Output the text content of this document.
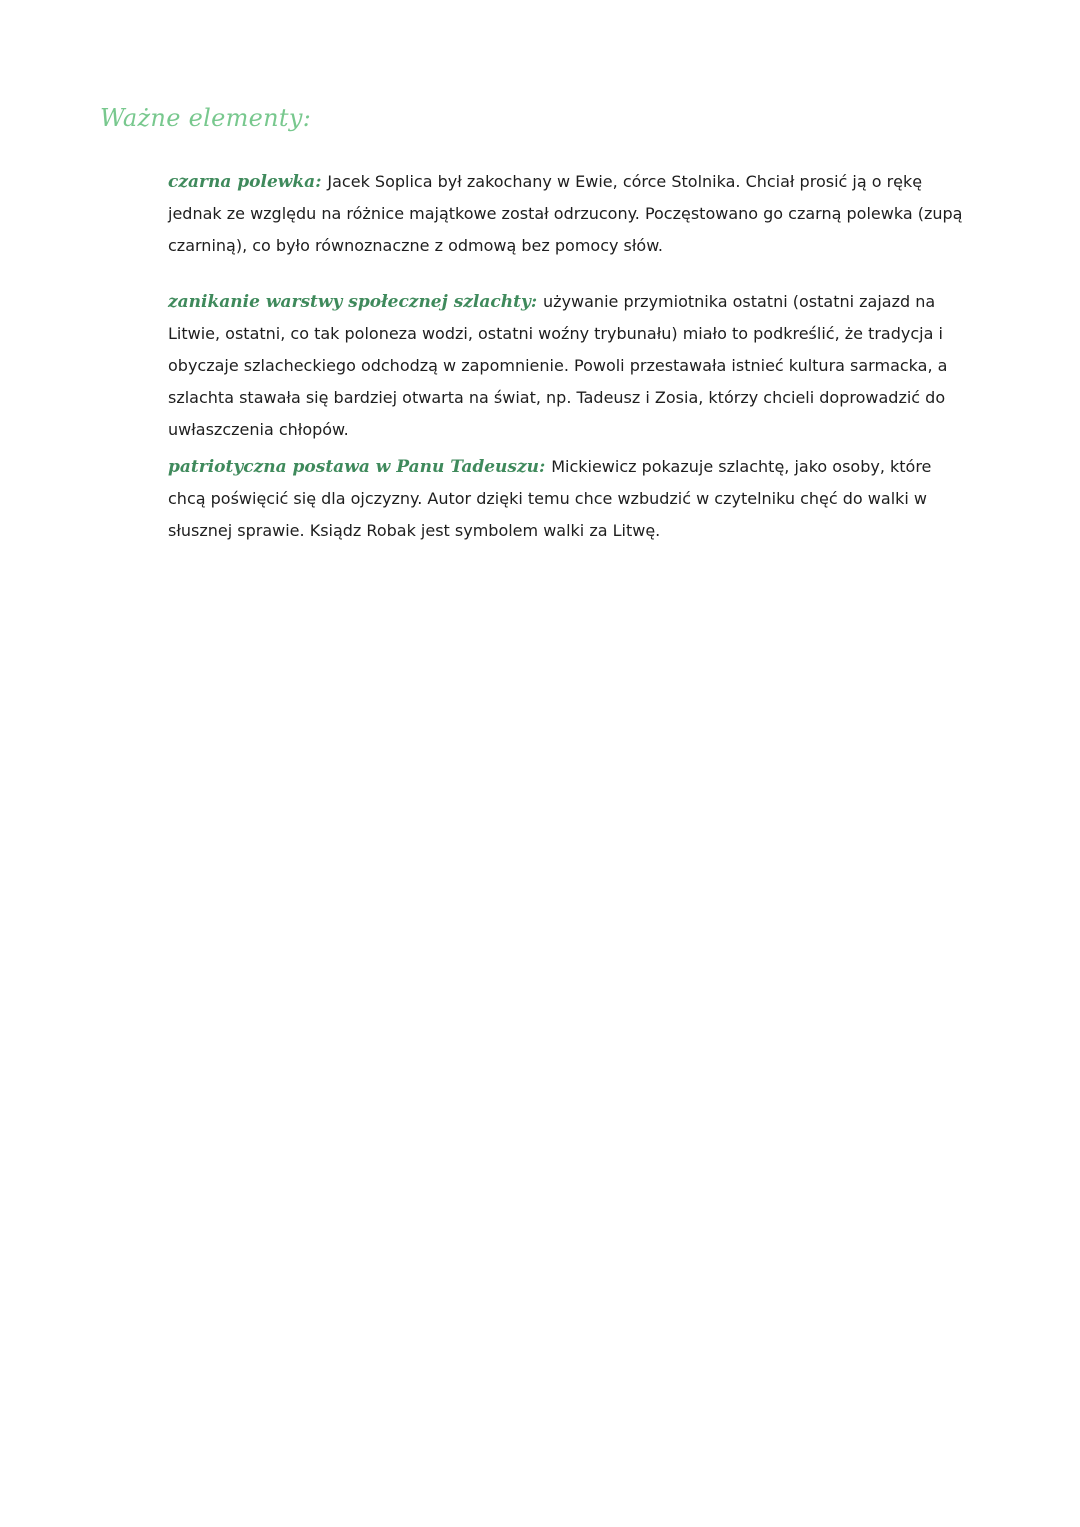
Ważne elementy:
czarna polewka: Jacek Soplica był zakochany w Ewie, córce Stolnika. Chciał prosić ją o rękę jednak ze względu na różnice majątkowe został odrzucony. Poczęstowano go czarną polewka (zupą czarniną), co było równoznaczne z odmową bez pomocy słów.
zanikanie warstwy społecznej szlachty: używanie przymiotnika ostatni (ostatni zajazd na Litwie, ostatni, co tak poloneza wodzi, ostatni woźny trybunału) miało to podkreślić, że tradycja i obyczaje szlacheckiego odchodzą w zapomnienie. Powoli przestawała istnieć kultura sarmacka, a szlachta stawała się bardziej otwarta na świat, np. Tadeusz i Zosia, którzy chcieli doprowadzić do uwłaszczenia chłopów.
patriotyczna postawa w Panu Tadeuszu: Mickiewicz pokazuje szlachtę, jako osoby, które chcą poświęcić się dla ojczyzny. Autor dzięki temu chce wzbudzić w czytelniku chęć do walki w słusznej sprawie. Ksiądz Robak jest symbolem walki za Litwę.
